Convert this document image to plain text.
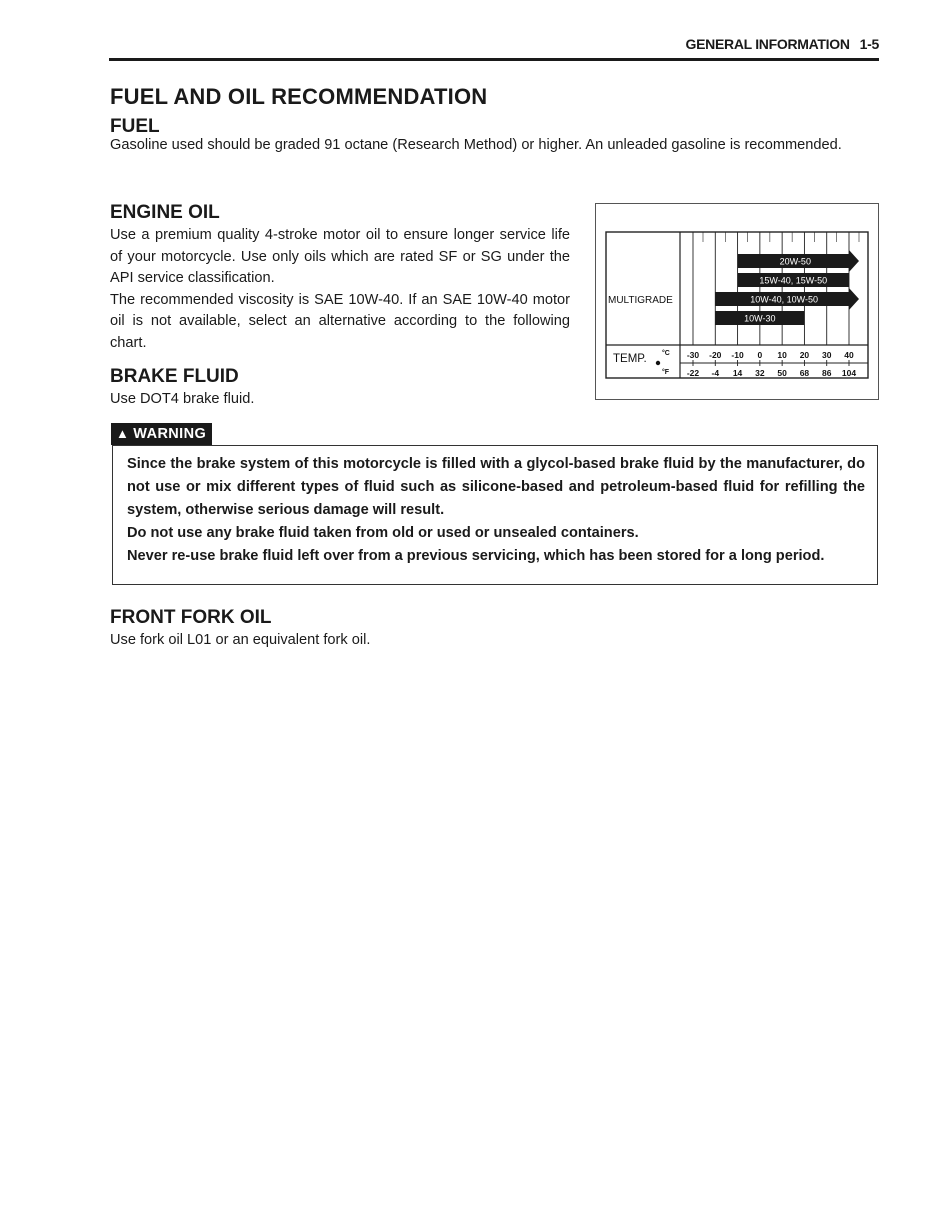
GENERAL INFORMATION 1-5
FUEL AND OIL RECOMMENDATION
FUEL

Gasoline used should be graded 91 octane (Research Method) or higher. An unleaded gasoline is recommended.

ENGINE OIL
Use a premium quality 4-stroke motor oil to ensure longer service life of your motorcycle. Use only oils which are rated SF or SG under the API service classification.
The recommended viscosity is SAE 10W-40. If an SAE 10W-40 motor oil is not available, select an alternative according to the following chart.
20W-50
15W-40, 15W-50
10W-40, 10W-50
10W-30
-30 -20 -10 0 10 20 30 40
-22 -4 14 32 50 68 86 104
MULTIGRADE
TEMP. °C
°F
BRAKE FLUID

Use DOT4 brake fluid.

▲ WARNING
Since the brake system of this motorcycle is filled with a glycol-based brake fluid by the manufacturer, do not use or mix different types of fluid such as silicone-based and petroleum-based fluid for refilling the system, otherwise serious damage will result.
Do not use any brake fluid taken from old or used or unsealed containers.
Never re-use brake fluid left over from a previous servicing, which has been stored for a long period.
FRONT FORK OIL

Use fork oil L01 or an equivalent fork oil.
